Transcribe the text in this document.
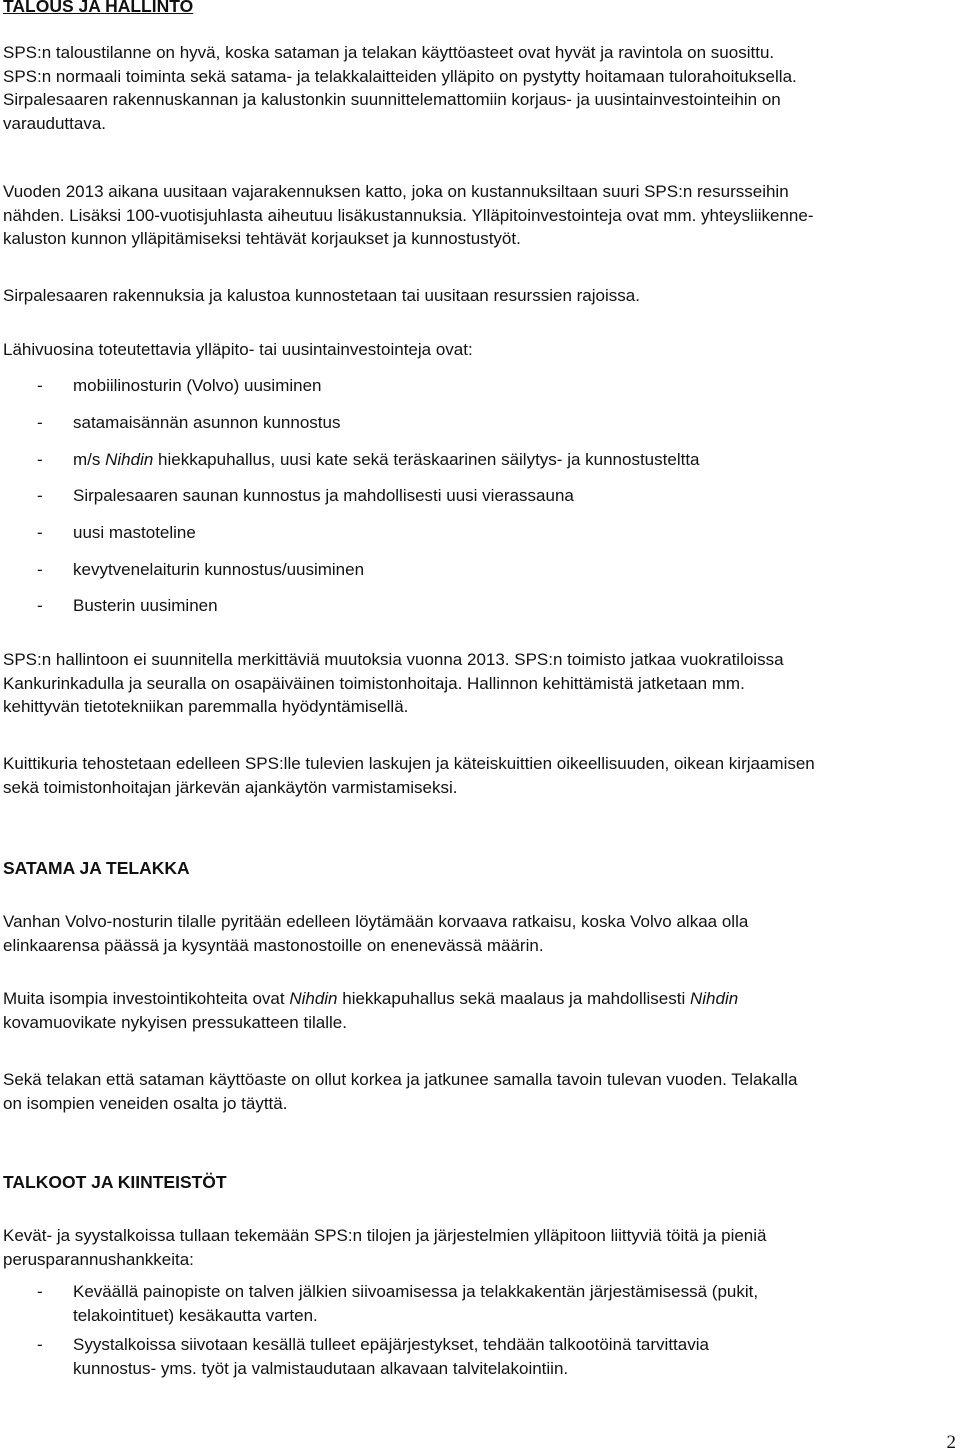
TALOUS JA HALLINTO

SPS:n taloustilanne on hyvä, koska sataman ja telakan käyttöasteet ovat hyvät ja ravintola on suosittu.
SPS:n normaali toiminta sekä satama- ja telakkalaitteiden ylläpito on pystytty hoitamaan tulorahoituksella.
Sirpalesaaren rakennuskannan ja kalustonkin suunnittelemattomiin korjaus- ja uusintainvestointeihin on
varauduttava.

Vuoden 2013 aikana uusitaan vajarakennuksen katto, joka on kustannuksiltaan suuri SPS:n resursseihin
nähden. Lisäksi 100-vuotisjuhlasta aiheutuu lisäkustannuksia. Ylläpitoinvestointeja ovat mm. yhteysliikenne-
kaluston kunnon ylläpitämiseksi tehtävät korjaukset ja kunnostustyöt.

Sirpalesaaren rakennuksia ja kalustoa kunnostetaan tai uusitaan resurssien rajoissa.

Lähivuosina toteutettavia ylläpito- tai uusintainvestointeja ovat:

- mobiilinosturin (Volvo) uusiminen
- satamaisännän asunnon kunnostus
- m/s Nihdin hiekkapuhallus, uusi kate sekä teräskaarinen säilytys- ja kunnostusteltta
- Sirpalesaaren saunan kunnostus ja mahdollisesti uusi vierassauna
- uusi mastoteline
- kevytvenelaiturin kunnostus/uusiminen
- Busterin uusiminen

SPS:n hallintoon ei suunnitella merkittäviä muutoksia vuonna 2013. SPS:n toimisto jatkaa vuokratiloissa
Kankurinkadulla ja seuralla on osapäiväinen toimistonhoitaja. Hallinnon kehittämistä jatketaan mm.
kehittyvän tietotekniikan paremmalla hyödyntämisellä.

Kuittikuria tehostetaan edelleen SPS:lle tulevien laskujen ja käteiskuittien oikeellisuuden, oikean kirjaamisen
sekä toimistonhoitajan järkevän ajankäytön varmistamiseksi.

SATAMA JA TELAKKA

Vanhan Volvo-nosturin tilalle pyritään edelleen löytämään korvaava ratkaisu, koska Volvo alkaa olla
elinkaarensa päässä ja kysyntää mastonostoille on enenevässä määrin.

Muita isompia investointikohteita ovat Nihdin hiekkapuhallus sekä maalaus ja mahdollisesti Nihdin
kovamuovikate nykyisen pressukatteen tilalle.

Sekä telakan että sataman käyttöaste on ollut korkea ja jatkunee samalla tavoin tulevan vuoden. Telakalla
on isompien veneiden osalta jo täyttä.

TALKOOT JA KIINTEISTÖT

Kevät- ja syystalkoissa tullaan tekemään SPS:n tilojen ja järjestelmien ylläpitoon liittyviä töitä ja pieniä
perusparannushankkeita:

- Keväällä painopiste on talven jälkien siivoamisessa ja telakkakentän järjestämisessä (pukit,
telakointituet) kesäkautta varten.
- Syystalkoissa siivotaan kesällä tulleet epäjärjestykset, tehdään talkootöinä tarvittavia
kunnostus- yms. työt ja valmistaudutaan alkavaan talvitelakointiin.
2
